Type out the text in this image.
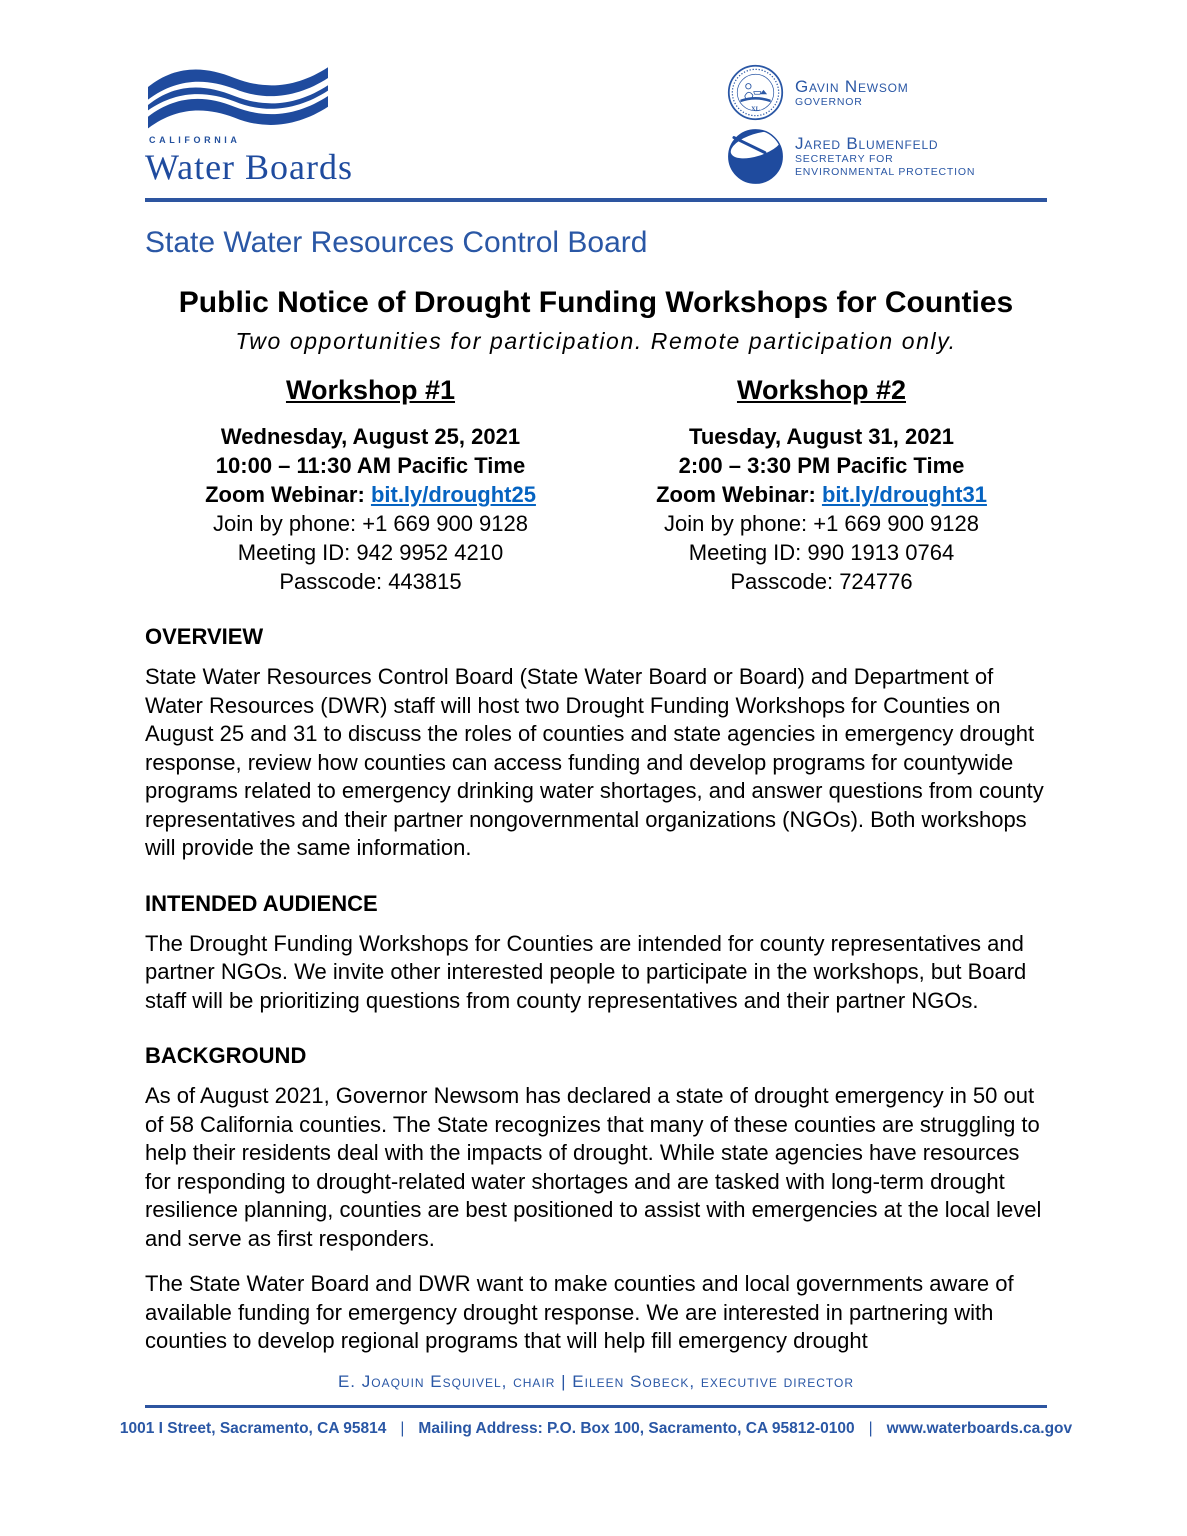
CALIFORNIA
Water Boards
XL
Gavin Newsom
GOVERNOR
Jared Blumenfeld
SECRETARY FOR
ENVIRONMENTAL PROTECTION
State Water Resources Control Board
Public Notice of Drought Funding Workshops for Counties

Two opportunities for participation. Remote participation only.

Workshop #1

Wednesday, August 25, 2021

10:00 – 11:30 AM Pacific Time

Zoom Webinar: bit.ly/drought25

Join by phone: +1 669 900 9128

Meeting ID: 942 9952 4210

Passcode: 443815

Workshop #2

Tuesday, August 31, 2021

2:00 – 3:30 PM Pacific Time

Zoom Webinar: bit.ly/drought31

Join by phone: +1 669 900 9128

Meeting ID: 990 1913 0764

Passcode: 724776

OVERVIEW

State Water Resources Control Board (State Water Board or Board) and Department of Water Resources (DWR) staff will host two Drought Funding Workshops for Counties on August 25 and 31 to discuss the roles of counties and state agencies in emergency drought response, review how counties can access funding and develop programs for countywide programs related to emergency drinking water shortages, and answer questions from county representatives and their partner nongovernmental organizations (NGOs). Both workshops will provide the same information.

INTENDED AUDIENCE

The Drought Funding Workshops for Counties are intended for county representatives and partner NGOs. We invite other interested people to participate in the workshops, but Board staff will be prioritizing questions from county representatives and their partner NGOs.

BACKGROUND

As of August 2021, Governor Newsom has declared a state of drought emergency in 50 out of 58 California counties. The State recognizes that many of these counties are struggling to help their residents deal with the impacts of drought. While state agencies have resources for responding to drought-related water shortages and are tasked with long-term drought resilience planning, counties are best positioned to assist with emergencies at the local level and serve as first responders.

The State Water Board and DWR want to make counties and local governments aware of available funding for emergency drought response. We are interested in partnering with counties to develop regional programs that will help fill emergency drought

E. Joaquin Esquivel, chair | Eileen Sobeck, executive director
1001 I Street, Sacramento, CA 95814 | Mailing Address: P.O. Box 100, Sacramento, CA 95812-0100 | www.waterboards.ca.gov
